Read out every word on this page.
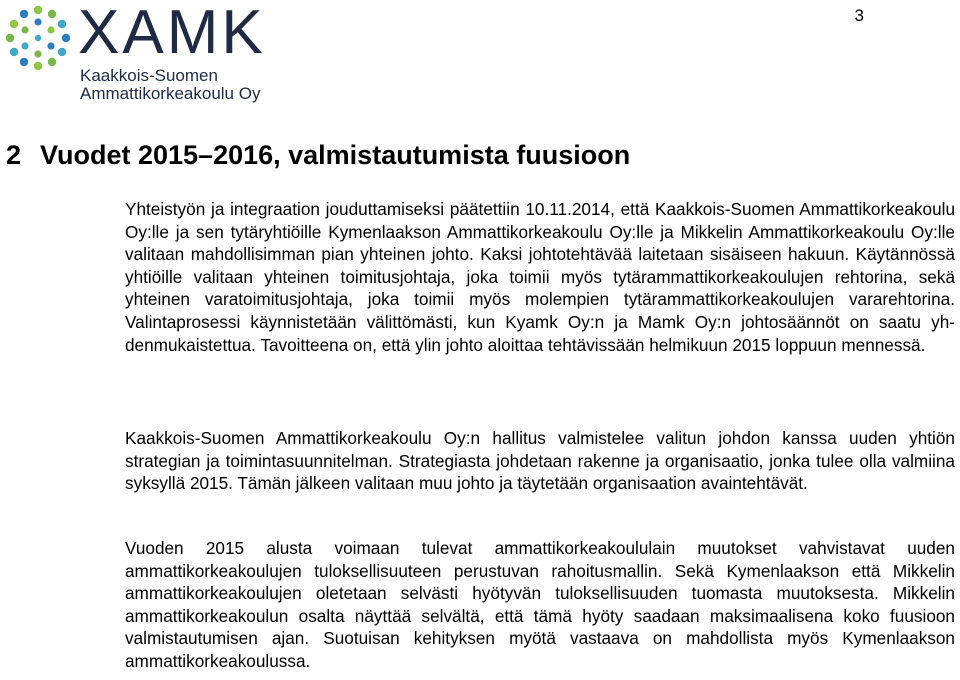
3
XAMK
Kaakkois-Suomen
Ammattikorkeakoulu Oy
2 Vuodet 2015–2016, valmistautumista fuusioon

Yhteistyön ja integraation jouduttamiseksi päätettiin 10.11.2014, että Kaakkois-Suomen Ammattikorkeakoulu Oy:lle ja sen tytäryhtiöille Kymenlaakson Ammattikorkeakoulu Oy:lle ja Mikkelin Ammattikorkeakoulu Oy:lle valitaan mahdollisimman pian yhteinen johto. Kaksi johtotehtävää laitetaan sisäiseen hakuun. Käytännössä yhtiöille valitaan yhteinen toimitusjohtaja, joka toimii myös tytärammattikorkeakoulujen rehtorina, sekä yhteinen varatoimitusjohtaja, joka toimii myös molempien tytärammattikorkeakoulujen vararehtorina. Valintaprosessi käynnistetään välittömästi, kun Kyamk Oy:n ja Mamk Oy:n johtosäännöt on saatu yhdenmukaistettua. Tavoitteena on, että ylin johto aloittaa tehtävissään helmikuun 2015 loppuun mennessä.

Kaakkois-Suomen Ammattikorkeakoulu Oy:n hallitus valmistelee valitun johdon kanssa uuden yhtiön strategian ja toimintasuunnitelman. Strategiasta johdetaan rakenne ja organisaatio, jonka tulee olla valmiina syksyllä 2015. Tämän jälkeen valitaan muu johto ja täytetään organisaation avaintehtävät.

Vuoden 2015 alusta voimaan tulevat ammattikorkeakoululain muutokset vahvistavat uuden ammattikorkeakoulujen tuloksellisuuteen perustuvan rahoitusmallin. Sekä Kymenlaakson että Mikkelin ammattikorkeakoulujen oletetaan selvästi hyötyvän tuloksellisuuden tuomasta muutoksesta. Mikkelin ammattikorkeakoulun osalta näyttää selvältä, että tämä hyöty saadaan maksimaalisena koko fuusioon valmistautumisen ajan. Suotuisan kehityksen myötä vastaava on mahdollista myös Kymenlaakson ammattikorkeakoulussa.
